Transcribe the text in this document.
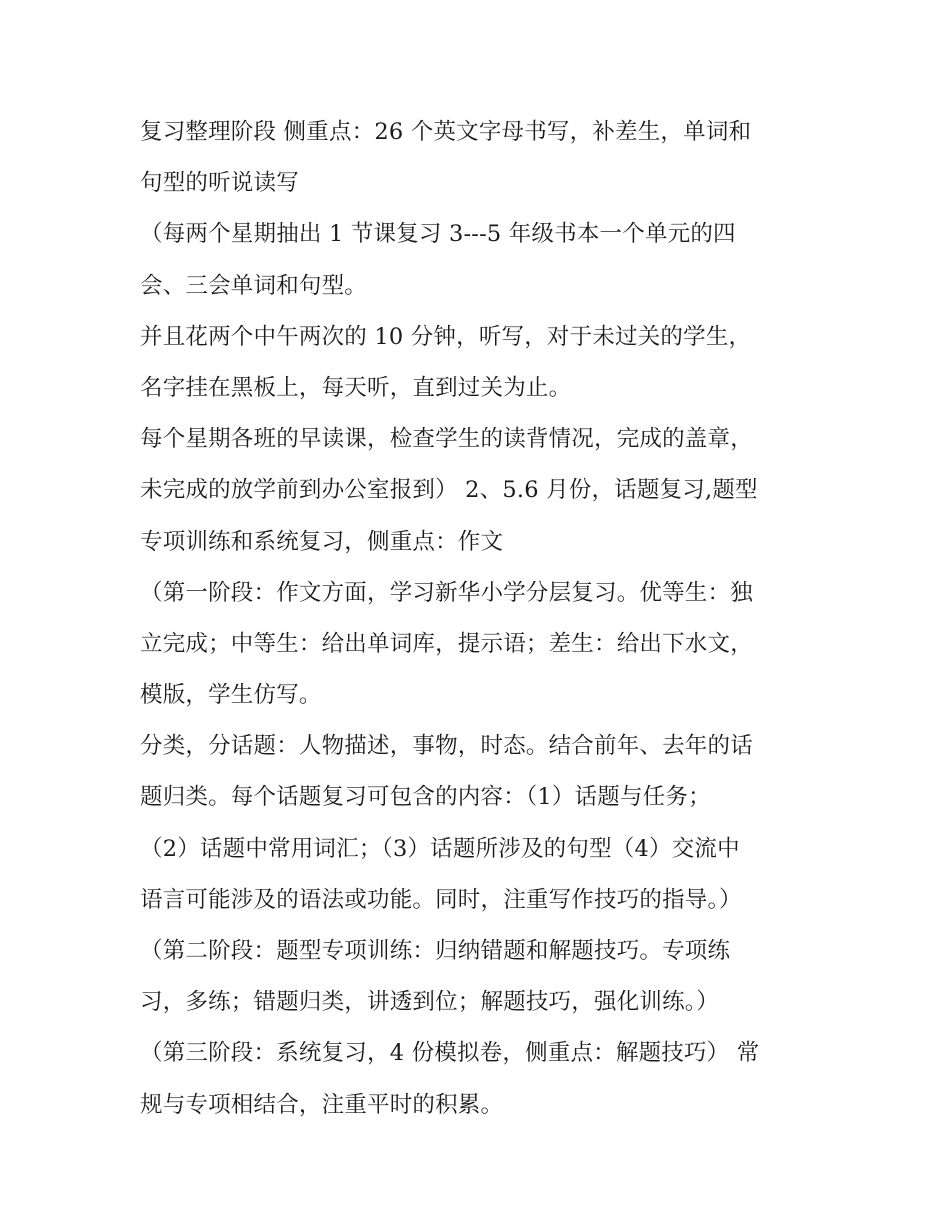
复习整理阶段 侧重点：26 个英文字母书写，补差生，单词和
句型的听说读写
（每两个星期抽出 1 节课复习 3---5 年级书本一个单元的四
会、三会单词和句型。
并且花两个中午两次的 10 分钟，听写，对于未过关的学生，
名字挂在黑板上，每天听，直到过关为止。
每个星期各班的早读课，检查学生的读背情况，完成的盖章，
未完成的放学前到办公室报到） 2、5.6 月份，话题复习,题型
专项训练和系统复习，侧重点：作文
（第一阶段：作文方面，学习新华小学分层复习。优等生：独
立完成；中等生：给出单词库，提示语；差生：给出下水文，
模版，学生仿写。
分类，分话题：人物描述，事物，时态。结合前年、去年的话
题归类。每个话题复习可包含的内容：（1）话题与任务；
（2）话题中常用词汇；（3）话题所涉及的句型（4）交流中
语言可能涉及的语法或功能。同时，注重写作技巧的指导。）
（第二阶段：题型专项训练：归纳错题和解题技巧。专项练
习，多练；错题归类，讲透到位；解题技巧，强化训练。）
（第三阶段：系统复习，4 份模拟卷，侧重点：解题技巧） 常
规与专项相结合，注重平时的积累。
